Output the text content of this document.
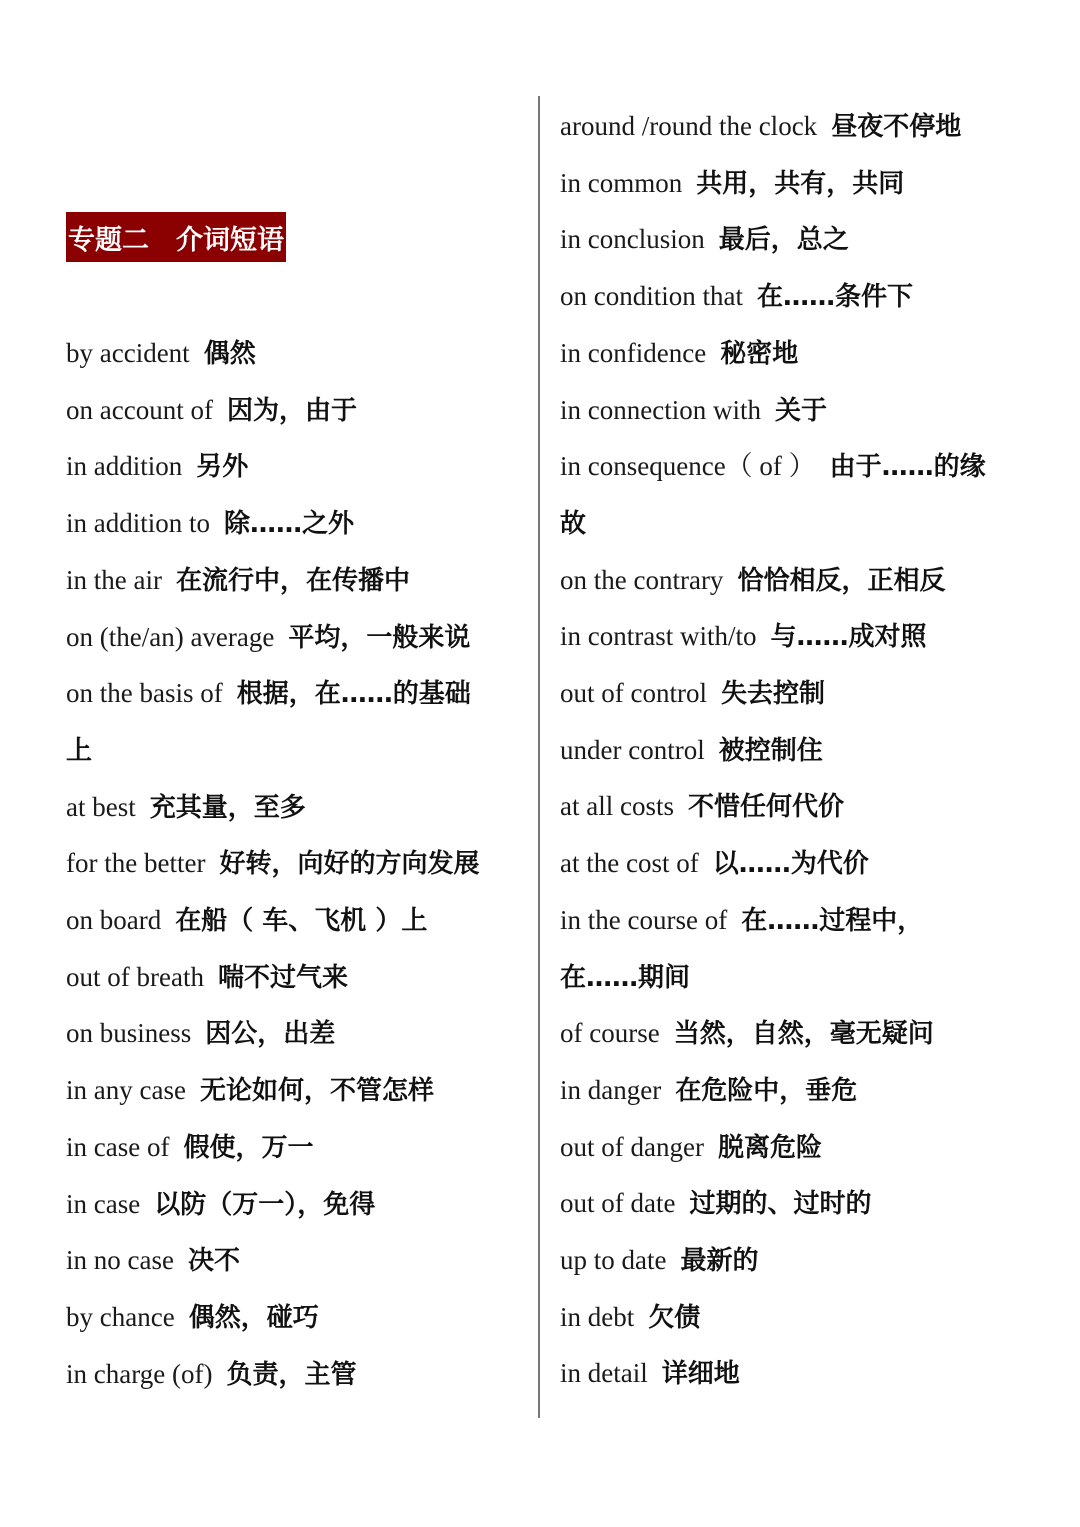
专题二　介词短语
by accident 偶然
on account of 因为，由于
in addition 另外
in addition to 除……之外
in the air 在流行中，在传播中
on (the/an) average 平均，一般来说
on the basis of 根据，在……的基础
上
at best 充其量，至多
for the better 好转，向好的方向发展
on board 在船（ 车、飞机 ）上
out of breath 喘不过气来
on business 因公，出差
in any case 无论如何，不管怎样
in case of 假使，万一
in case 以防（万一），免得
in no case 决不
by chance 偶然，碰巧
in charge (of) 负责，主管
around /round the clock 昼夜不停地
in common 共用，共有，共同
in conclusion 最后，总之
on condition that 在……条件下
in confidence 秘密地
in connection with 关于
in consequence（ of ） 由于……的缘
故
on the contrary 恰恰相反，正相反
in contrast with/to 与……成对照
out of control 失去控制
under control 被控制住
at all costs 不惜任何代价
at the cost of 以……为代价
in the course of 在……过程中，
在……期间
of course 当然，自然，毫无疑问
in danger 在危险中，垂危
out of danger 脱离危险
out of date 过期的、过时的
up to date 最新的
in debt 欠债
in detail 详细地
